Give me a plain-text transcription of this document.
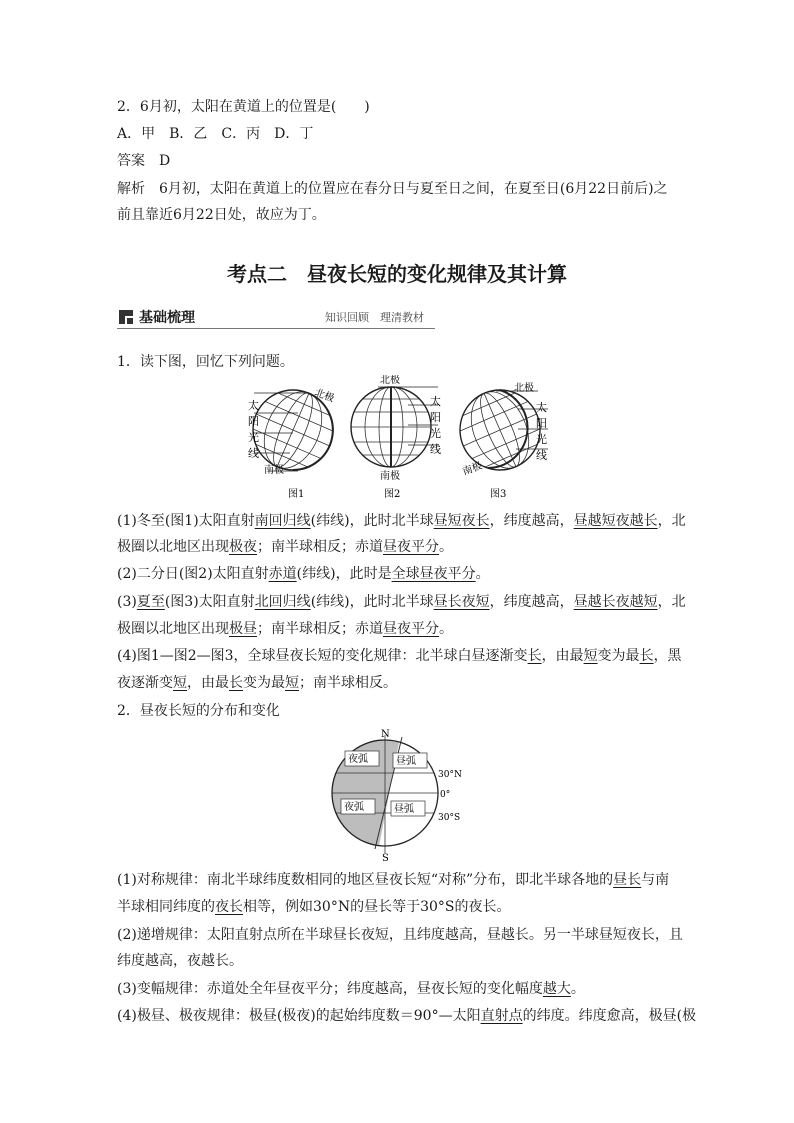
2．6月初，太阳在黄道上的位置是(　　)
A．甲　B．乙　C．丙　D．丁
答案　D
解析　6月初，太阳在黄道上的位置应在春分日与夏至日之间，在夏至日(6月22日前后)之
前且靠近6月22日处，故应为丁。
考点二　昼夜长短的变化规律及其计算
基础梳理	知识回顾　理清教材
1．读下图，回忆下列问题。
北极
太
阳
光
线
南极
图1
北极
太
阳
光
线
南极
图2
北极
太
阳
光
线
南极
图3
(1)冬至(图1)太阳直射南回归线(纬线)，此时北半球昼短夜长，纬度越高，昼越短夜越长，北
极圈以北地区出现极夜；南半球相反；赤道昼夜平分。
(2)二分日(图2)太阳直射赤道(纬线)，此时是全球昼夜平分。
(3)夏至(图3)太阳直射北回归线(纬线)，此时北半球昼长夜短，纬度越高，昼越长夜越短，北
极圈以北地区出现极昼；南半球相反；赤道昼夜平分。
(4)图1—图2—图3，全球昼夜长短的变化规律：北半球白昼逐渐变长，由最短变为最长，黑
夜逐渐变短，由最长变为最短；南半球相反。
2．昼夜长短的分布和变化
N
S
夜弧	昼弧
夜弧	昼弧
30°N
0°
30°S
(1)对称规律：南北半球纬度数相同的地区昼夜长短“对称”分布，即北半球各地的昼长与南
半球相同纬度的夜长相等，例如30°N的昼长等于30°S的夜长。
(2)递增规律：太阳直射点所在半球昼长夜短，且纬度越高，昼越长。另一半球昼短夜长，且
纬度越高，夜越长。
(3)变幅规律：赤道处全年昼夜平分；纬度越高，昼夜长短的变化幅度越大。
(4)极昼、极夜规律：极昼(极夜)的起始纬度数＝90°—太阳直射点的纬度。纬度愈高，极昼(极
